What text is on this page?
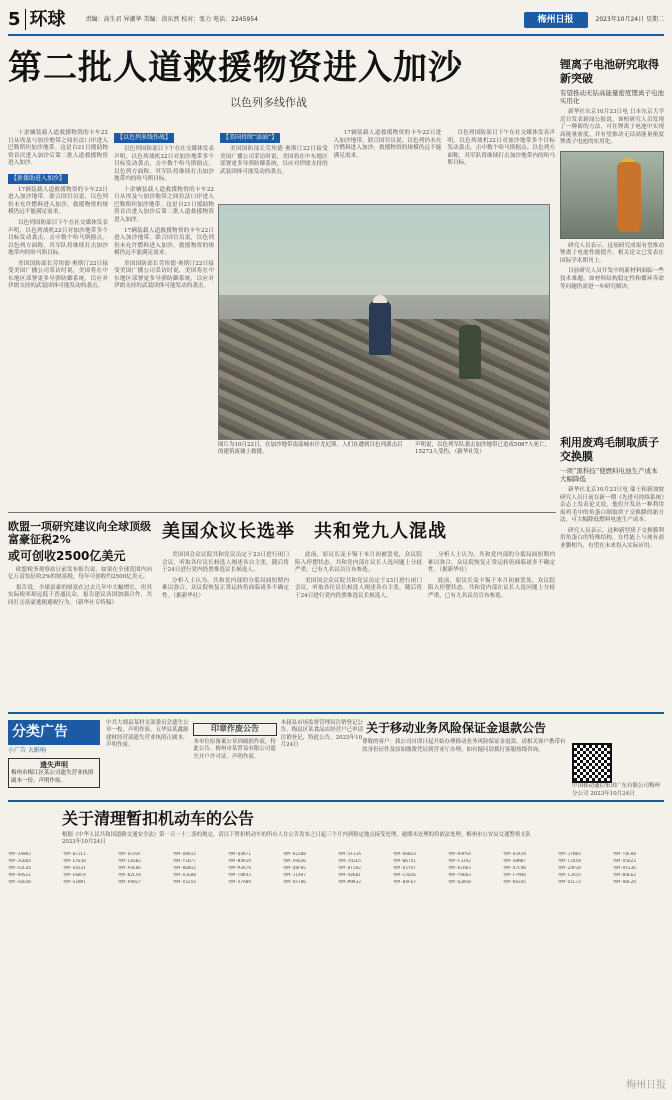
5 环球	责编：高生君 异潮华 美编：涂东然 校对：张力 电话：2245954	梅州日报	2023年10月24日 星期二
第二批人道救援物资进入加沙
以色列多线作战

十余辆装载人道救援物资的卡车22日从埃及与加沙地带之间拉法口岸进入巴勒斯坦加沙地带。这是自21日援助物资首次进入加沙后第二批人道救援物资进入加沙。

【新援助进入加沙】

17辆装载人道救援物资的卡车22日进入加沙地带。联合国官员说，以色列仍未允许燃料进入加沙，救援物资的规模仍远不能满足需求。

以色列国防部日下午在社交媒体发表声明，以色列战机22日对加沙地带多个目标发动袭击，击中数个哈马斯据点。以色列方面称，其军队将继续打击加沙地带内的哈马斯目标。

美国国防部长劳埃德·奥斯汀22日接受美国广播公司采访时说，美国将在中东地区部署更多导弹防御系统，以应对伊朗支持的武装团体可能发动的袭击。

【以色列多线作战】

以色列国防部日下午在社交媒体发表声明，以色列战机22日对加沙地带多个目标发动袭击，击中数个哈马斯据点。以色列方面称，其军队将继续打击加沙地带内的哈马斯目标。

十余辆装载人道救援物资的卡车22日从埃及与加沙地带之间拉法口岸进入巴勒斯坦加沙地带。这是自21日援助物资首次进入加沙后第二批人道救援物资进入加沙。

17辆装载人道救援物资的卡车22日进入加沙地带。联合国官员说，以色列仍未允许燃料进入加沙，救援物资的规模仍远不能满足需求。

美国国防部长劳埃德·奥斯汀22日接受美国广播公司采访时说，美国将在中东地区部署更多导弹防御系统，以应对伊朗支持的武装团体可能发动的袭击。

【美国持续“添油”】

美国国防部长劳埃德·奥斯汀22日接受美国广播公司采访时说，美国将在中东地区部署更多导弹防御系统，以应对伊朗支持的武装团体可能发动的袭击。

17辆装载人道救援物资的卡车22日进入加沙地带。联合国官员说，以色列仍未允许燃料进入加沙，救援物资的规模仍远不能满足需求。

以色列国防部日下午在社交媒体发表声明，以色列战机22日对加沙地带多个目标发动袭击，击中数个哈马斯据点。以色列方面称，其军队将继续打击加沙地带内的哈马斯目标。

图片为10月22日，在加沙地带南部城市汗尤尼斯，人们在遭到以色列袭击后的建筑废墟上救援。
声明说，以色列军队袭击加沙地带已造成5087人死亡，15273人受伤。（新华社发）
锂离子电池研究取得新突破
有望推动无钴高能量密度锂离子电池实用化

新华社东京10月23日电 日本东京大学近日发表新闻公报说，该校研究人员发现了一种新的方法，可在锂离子电池中实现高能量密度，并有望推动无钴高能量密度锂离子电池的实用化。

研究人员表示，这项研究成果有望推动锂离子电池性能提升。相关论文已发表在国际学术期刊上。

目前研究人员开发中的新材料面临一些技术难题，如材料结构稳定性和循环寿命等问题仍需进一步研究解决。

利用废鸡毛制取质子交换膜
一项“黑科技”使燃料电池生产成本大幅降低

新华社北京10月23日电 瑞士和新加坡研究人员日前在新一期《先进可持续系统》杂志上发表论文说，他们开发出一种利用废鸡毛中的角蛋白制取质子交换膜的新方法，可大幅降低燃料电池生产成本。

研究人员表示，这种新型质子交换膜利用角蛋白的特殊结构，在性能上与现有商业膜相当，有望在未来投入实际应用。

欧盟一项研究建议向全球顶级富豪征税2%
或可创收2500亿美元

欧盟税务观察站日前发布报告说，如果在全球范围内向亿万富翁征收2%的财富税，每年可创收约2500亿美元。

报告说，全球富豪的财富在过去几年中大幅增长，但其实际税率却远低于普通民众。报告建议各国加强合作，共同打击富豪逃税避税行为。（新华社专特稿）

美国众议长选举　共和党九人混战

美国国会众议院共和党议员定于23日进行闭门会议，听取各位议长候选人阐述各自主张，随后将于24日进行党内投票推选议长候选人。

分析人士认为，共和党内部的分裂局面短期内难以弥合，众议院恢复正常运转仍面临诸多不确定性。（据新华社）

此前，原议长麦卡锡于本月初被罢免，众议院陷入停摆状态。共和党内部在议长人选问题上分歧严重，已有九名议员宣布参选。

美国国会众议院共和党议员定于23日进行闭门会议，听取各位议长候选人阐述各自主张，随后将于24日进行党内投票推选议长候选人。

分析人士认为，共和党内部的分裂局面短期内难以弥合，众议院恢复正常运转仍面临诸多不确定性。（据新华社）

此前，原议长麦卡锡于本月初被罢免，众议院陷入停摆状态。共和党内部在议长人选问题上分歧严重，已有九名议员宣布参选。

分类广告
小广告 大影响
遗失声明
梅州市梅江区某公司遗失营业执照副本一份，声明作废。
中共大埔县某村支部委员会遗失公章一枚，声明作废。五华县某鑫源建材经营部遗失营业执照正副本，声明作废。
印章作废公告
本单位原备案公章因破损作废，特此公告。梅州市某贸易有限公司遗失开户许可证，声明作废。
本届县市场监督管理局注销登记公告，梅县区某食品店经营户已申请注销登记，特此公告。2023年10月24日
关于移动业务风险保证金退款公告
尊敬的客户：我公司自即日起开始办理移动业务风险保证金退款，请相关客户携带有效身份证件及原始缴费凭证到营业厅办理。如有疑问请拨打客服热线咨询。
中国移动通信集团广东有限公司梅州分公司 2023年10月24日
关于清理暂扣机动车的公告
根据《中华人民共和国道路交通安全法》第一百一十二条的规定，请以下暂扣机动车的所有人在公告发布之日起三个月内到指定地点接受处理，逾期未处理的将依法处理。梅州市公安局交通警察支队 2023年10月24日
粤M·3A8K2	粤M·B72L1	粤M·6C93F	粤M·D8812	粤M·Q4K71	粤M·R2Z08	粤M·5F11A	粤M·H6W23	粤M·K9P54	粤M·U3X19	粤M·J7N65	粤M·T0C88
粤M·2G6D4	粤M·E5V30	粤M·L8S02	粤M·Y1B77	粤M·N4R19	粤M·A9Q36	粤M·7H2E5	粤M·W6T41	粤M·F3J92	粤M·S8M07	粤M·C1K58	粤M·V5D23
粤M·X2L64	粤M·G9Z31	粤M·P4E86	粤M·B6N12	粤M·M3R79	粤M·Q8F05	粤M·8T5A2	粤M·D2Y47	粤M·K1H63	粤M·U7C90	粤M·Z4P18	粤M·H5J36
粤M·R9S21	粤M·E6W74	粤M·N2L59	粤M·A3G08	粤M·T8K43	粤M·J1X97	粤M·4V6B1	粤M·L5Q26	粤M·Y9D83	粤M·F7M40	粤M·C2R15	粤M·W4E62
粤M·S6U38	粤M·G1N91	粤M·P8H27	粤M·V3Z54	粤M·X7A09	粤M·D5T86	粤M·M9K32	粤M·B4F67	粤M·Q2W18	粤M·K6S45	粤M·U1L73	粤M·H8C20
梅州日报
